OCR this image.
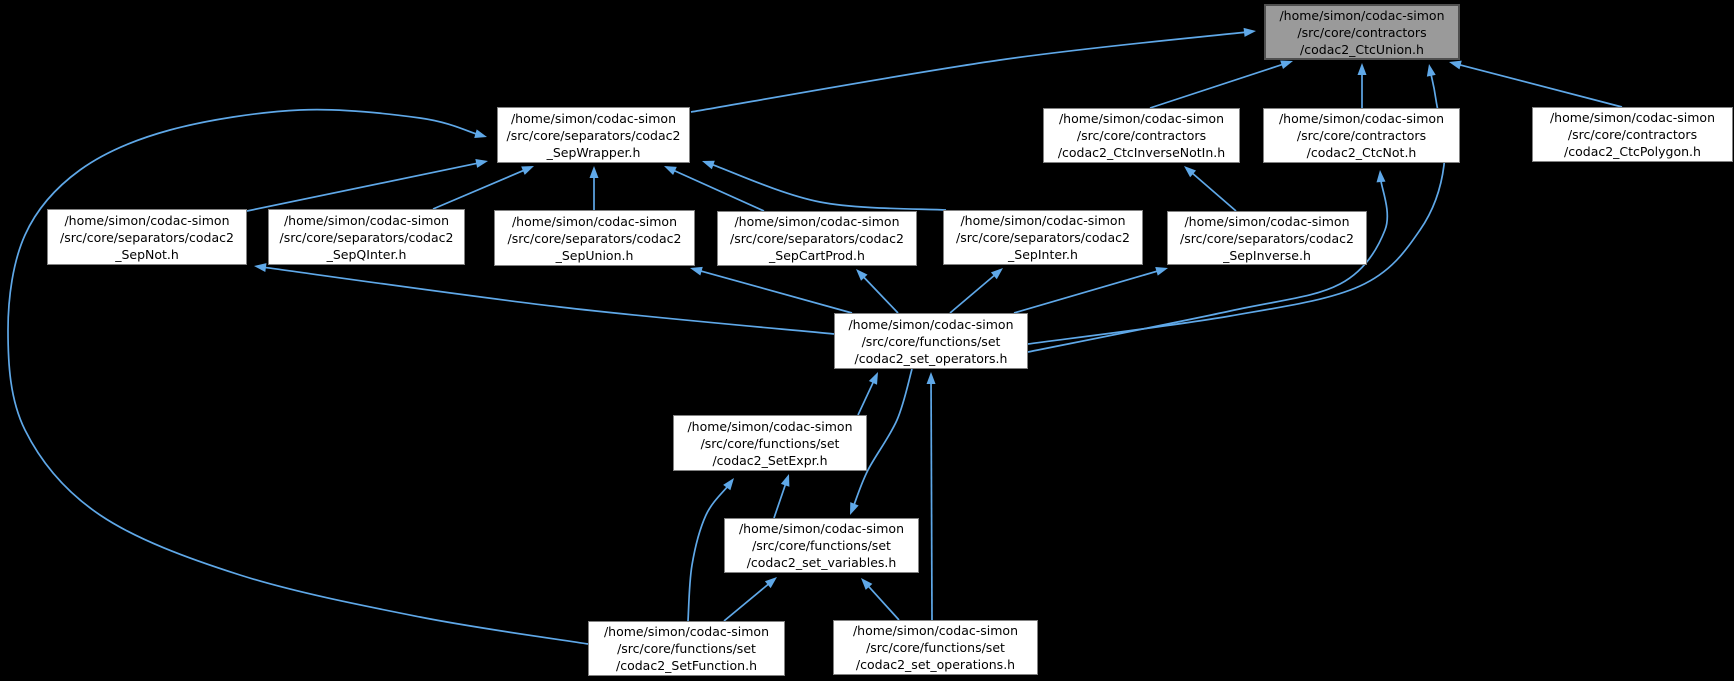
/home/simon/codac-simon
/src/core/contractors
/codac2_CtcUnion.h
/home/simon/codac-simon
/src/core/separators/codac2
_SepWrapper.h
/home/simon/codac-simon
/src/core/contractors
/codac2_CtcInverseNotIn.h
/home/simon/codac-simon
/src/core/contractors
/codac2_CtcNot.h
/home/simon/codac-simon
/src/core/contractors
/codac2_CtcPolygon.h
/home/simon/codac-simon
/src/core/separators/codac2
_SepNot.h
/home/simon/codac-simon
/src/core/separators/codac2
_SepQInter.h
/home/simon/codac-simon
/src/core/separators/codac2
_SepUnion.h
/home/simon/codac-simon
/src/core/separators/codac2
_SepCartProd.h
/home/simon/codac-simon
/src/core/separators/codac2
_SepInter.h
/home/simon/codac-simon
/src/core/separators/codac2
_SepInverse.h
/home/simon/codac-simon
/src/core/functions/set
/codac2_set_operators.h
/home/simon/codac-simon
/src/core/functions/set
/codac2_SetExpr.h
/home/simon/codac-simon
/src/core/functions/set
/codac2_set_variables.h
/home/simon/codac-simon
/src/core/functions/set
/codac2_SetFunction.h
/home/simon/codac-simon
/src/core/functions/set
/codac2_set_operations.h
